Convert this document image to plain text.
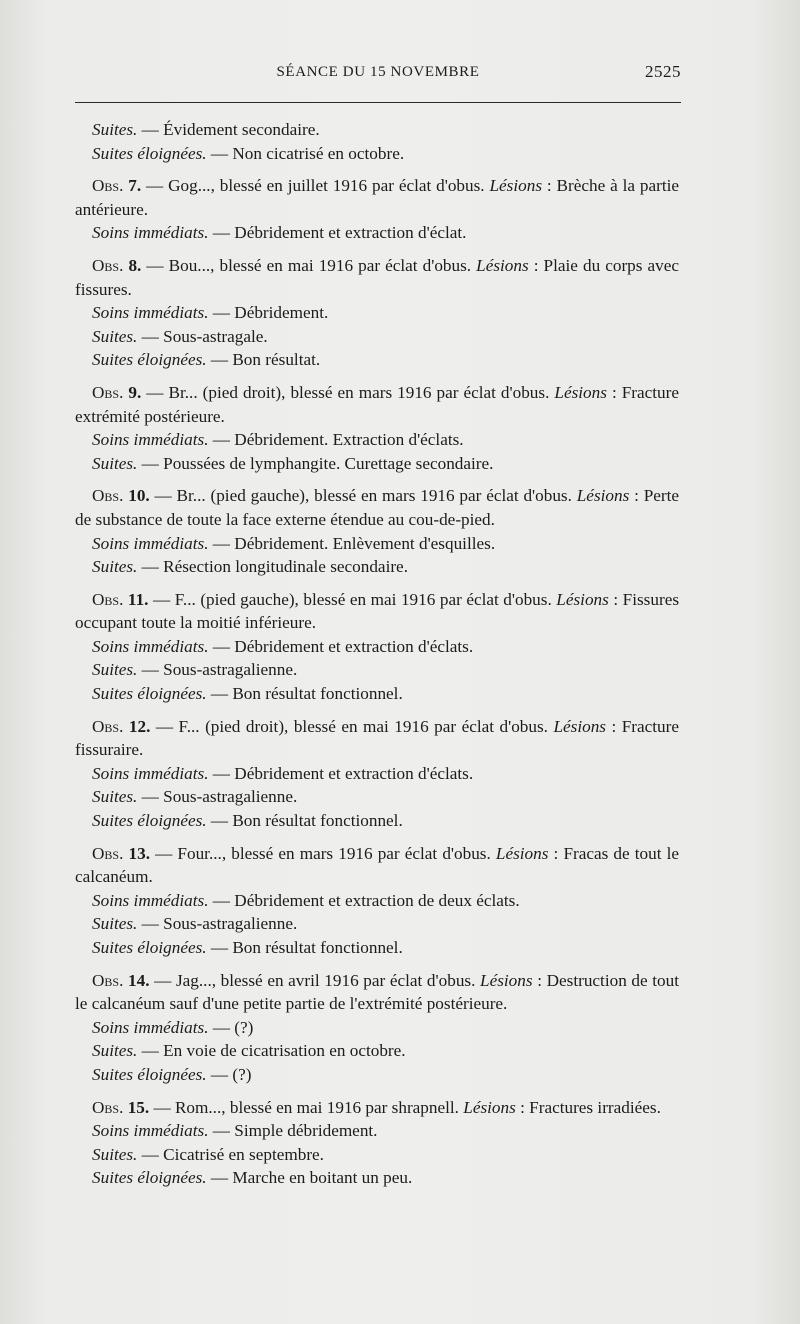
SÉANCE DU 15 NOVEMBRE	2525
Suites. — Évidement secondaire.
Suites éloignées. — Non cicatrisé en octobre.
Obs. 7. — Gog..., blessé en juillet 1916 par éclat d'obus. Lésions : Brèche à la partie antérieure.
Soins immédiats. — Débridement et extraction d'éclat.
Obs. 8. — Bou..., blessé en mai 1916 par éclat d'obus. Lésions : Plaie du corps avec fissures.
Soins immédiats. — Débridement.
Suites. — Sous-astragale.
Suites éloignées. — Bon résultat.
Obs. 9. — Br... (pied droit), blessé en mars 1916 par éclat d'obus. Lésions : Fracture extrémité postérieure.
Soins immédiats. — Débridement. Extraction d'éclats.
Suites. — Poussées de lymphangite. Curettage secondaire.
Obs. 10. — Br... (pied gauche), blessé en mars 1916 par éclat d'obus. Lésions : Perte de substance de toute la face externe étendue au cou-de-pied.
Soins immédiats. — Débridement. Enlèvement d'esquilles.
Suites. — Résection longitudinale secondaire.
Obs. 11. — F... (pied gauche), blessé en mai 1916 par éclat d'obus. Lésions : Fissures occupant toute la moitié inférieure.
Soins immédiats. — Débridement et extraction d'éclats.
Suites. — Sous-astragalienne.
Suites éloignées. — Bon résultat fonctionnel.
Obs. 12. — F... (pied droit), blessé en mai 1916 par éclat d'obus. Lésions : Fracture fissuraire.
Soins immédiats. — Débridement et extraction d'éclats.
Suites. — Sous-astragalienne.
Suites éloignées. — Bon résultat fonctionnel.
Obs. 13. — Four..., blessé en mars 1916 par éclat d'obus. Lésions : Fracas de tout le calcanéum.
Soins immédiats. — Débridement et extraction de deux éclats.
Suites. — Sous-astragalienne.
Suites éloignées. — Bon résultat fonctionnel.
Obs. 14. — Jag..., blessé en avril 1916 par éclat d'obus. Lésions : Destruction de tout le calcanéum sauf d'une petite partie de l'extrémité postérieure.
Soins immédiats. — (?)
Suites. — En voie de cicatrisation en octobre.
Suites éloignées. — (?)
Obs. 15. — Rom..., blessé en mai 1916 par shrapnell. Lésions : Fractures irradiées.
Soins immédiats. — Simple débridement.
Suites. — Cicatrisé en septembre.
Suites éloignées. — Marche en boitant un peu.
